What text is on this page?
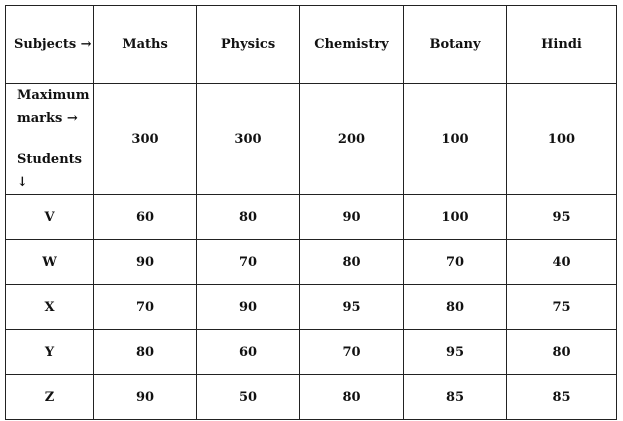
Subjects →	Maths	Physics	Chemistry	Botany	Hindi

Maximum
marks →
Students ↓	300	300	200	100	100
V	60	80	90	100	95
W	90	70	80	70	40
X	70	90	95	80	75
Y	80	60	70	95	80
Z	90	50	80	85	85
